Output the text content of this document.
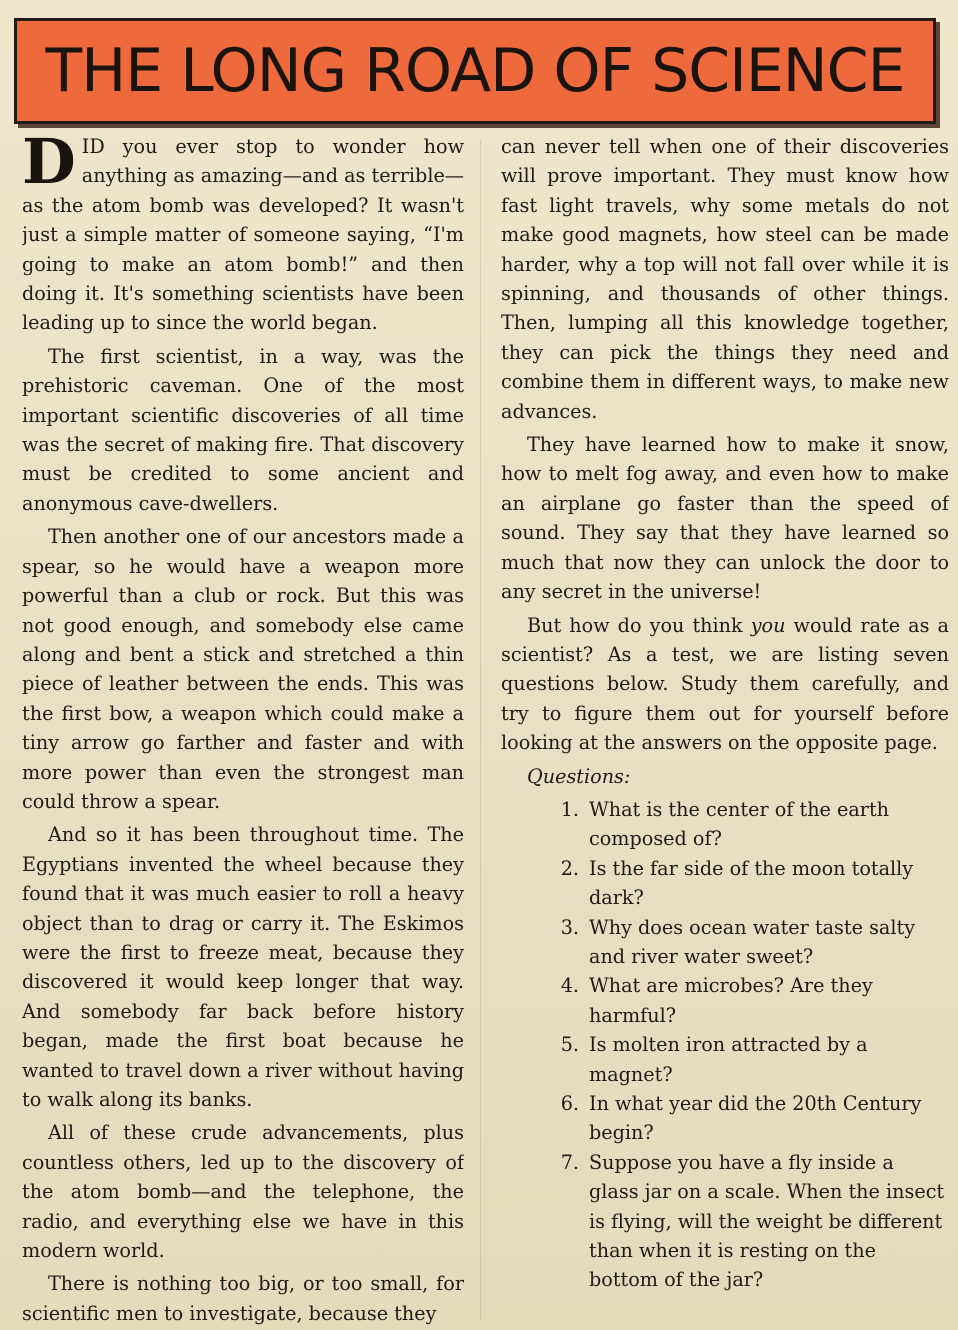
THE LONG ROAD OF SCIENCE

DID you ever stop to wonder how anything as amazing—and as terrible—as the atom bomb was developed? It wasn't just a simple matter of someone saying, “I'm going to make an atom bomb!” and then doing it. It's something scientists have been leading up to since the world began.

The first scientist, in a way, was the prehistoric caveman. One of the most important scientific discoveries of all time was the secret of making fire. That discovery must be credited to some ancient and anonymous cave-dwellers.

Then another one of our ancestors made a spear, so he would have a weapon more powerful than a club or rock. But this was not good enough, and somebody else came along and bent a stick and stretched a thin piece of leather between the ends. This was the first bow, a weapon which could make a tiny arrow go farther and faster and with more power than even the strongest man could throw a spear.

And so it has been throughout time. The Egyptians invented the wheel because they found that it was much easier to roll a heavy object than to drag or carry it. The Eskimos were the first to freeze meat, because they discovered it would keep longer that way. And somebody far back before history began, made the first boat because he wanted to travel down a river without having to walk along its banks.

All of these crude advancements, plus countless others, led up to the discovery of the atom bomb—and the telephone, the radio, and everything else we have in this modern world.

There is nothing too big, or too small, for scientific men to investigate, because they

can never tell when one of their discoveries will prove important. They must know how fast light travels, why some metals do not make good magnets, how steel can be made harder, why a top will not fall over while it is spinning, and thousands of other things. Then, lumping all this knowledge together, they can pick the things they need and combine them in different ways, to make new advances.

They have learned how to make it snow, how to melt fog away, and even how to make an airplane go faster than the speed of sound. They say that they have learned so much that now they can unlock the door to any secret in the universe!

But how do you think you would rate as a scientist? As a test, we are listing seven questions below. Study them carefully, and try to figure them out for yourself before looking at the answers on the opposite page.

Questions:

1. What is the center of the earth composed of?
2. Is the far side of the moon totally dark?
3. Why does ocean water taste salty and river water sweet?
4. What are microbes? Are they harmful?
5. Is molten iron attracted by a magnet?
6. In what year did the 20th Century begin?
7. Suppose you have a fly inside a glass jar on a scale. When the insect is flying, will the weight be different than when it is resting on the bottom of the jar?
